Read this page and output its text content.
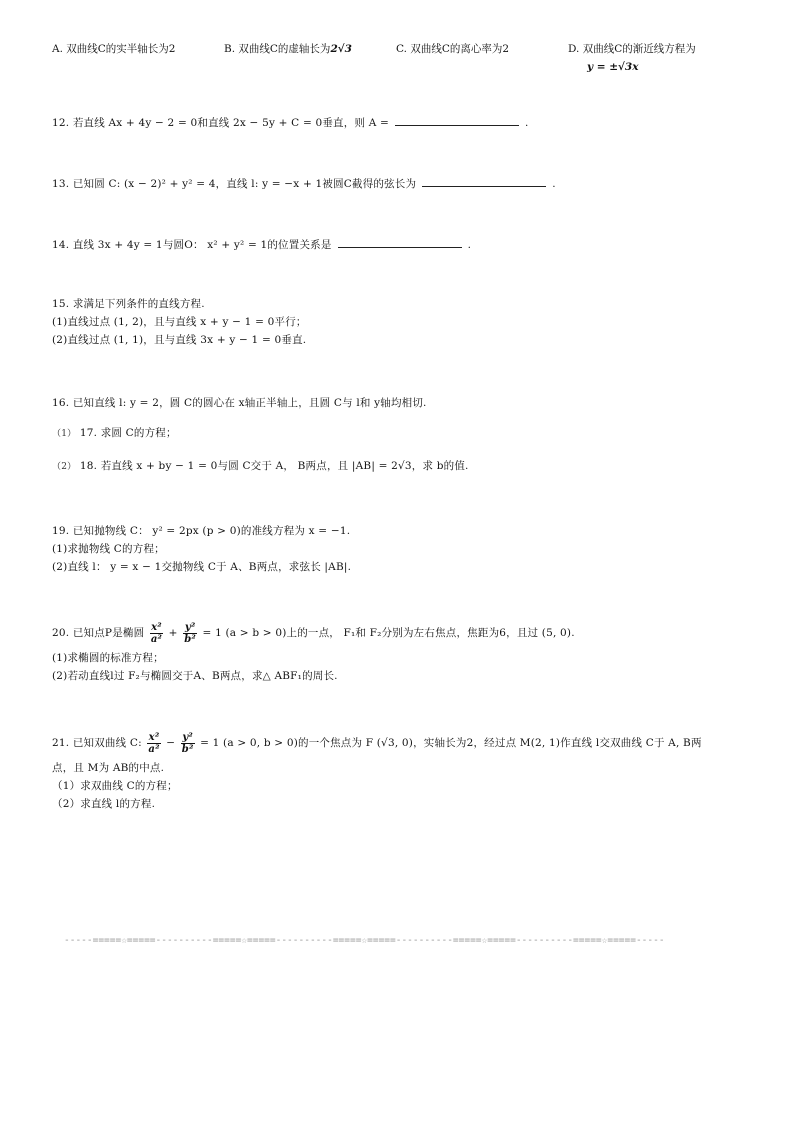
A. 双曲线C的实半轴长为2	B. 双曲线C的虚轴长为2√3	C. 双曲线C的离心率为2	D. 双曲线C的渐近线方程为
y = ±√3x
12. 若直线 Ax + 4y − 2 = 0和直线 2x − 5y + C = 0垂直，则 A =	.
13. 已知圆 C: (x − 2)² + y² = 4，直线 l: y = −x + 1被圆C截得的弦长为	.
14. 直线 3x + 4y = 1与圆O： x² + y² = 1的位置关系是	.
15. 求满足下列条件的直线方程.
(1)直线过点 (1, 2)，且与直线 x + y − 1 = 0平行；
(2)直线过点 (1, 1)，且与直线 3x + y − 1 = 0垂直.
16. 已知直线 l: y = 2，圆 C的圆心在 x轴正半轴上，且圆 C与 l和 y轴均相切.
（1） 17. 求圆 C的方程；
（2） 18. 若直线 x + by − 1 = 0与圆 C交于 A， B两点，且 |AB| = 2√3，求 b的值.
19. 已知抛物线 C： y² = 2px (p > 0)的准线方程为 x = −1.
(1)求抛物线 C的方程；
(2)直线 l： y = x − 1交抛物线 C于 A、B两点，求弦长 |AB|.
20. 已知点P是椭圆 $\frac{\text{x²}}{\text{a²}} + \frac{\text{y²}}{\text{b²}} = 1$ (a > b > 0)上的一点， F₁和 F₂分别为左右焦点，焦距为6，且过 (5, 0).
(1)求椭圆的标准方程；
(2)若动直线l过 F₂与椭圆交于A、B两点，求△ ABF₁的周长.
21. 已知双曲线 C: $\frac{\text{x²}}{\text{a²}} - \frac{\text{y²}}{\text{b²}} = 1$ (a > 0, b > 0)的一个焦点为 F (√3, 0)，实轴长为2，经过点 M(2, 1)作直线 l交双曲线 C于 A, B两
点，且 M为 AB的中点.
（1）求双曲线 C的方程；
（2）求直线 l的方程.
-----=====☆=====----------=====☆=====----------=====☆=====----------=====☆=====----------=====☆=====-----
